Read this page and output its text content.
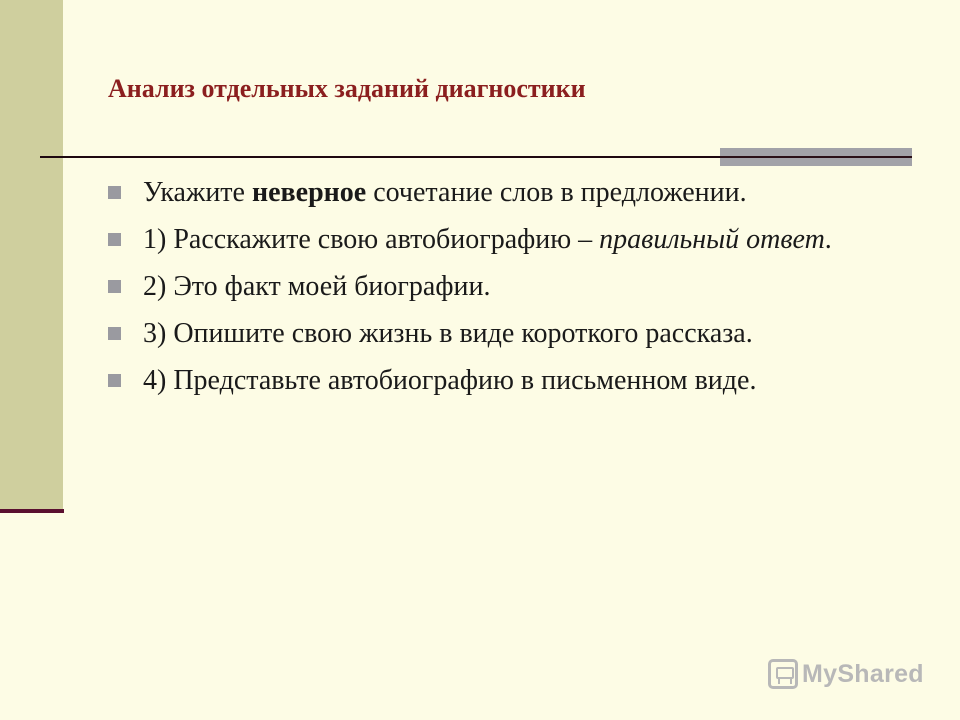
Анализ отдельных заданий диагностики
Укажите неверное сочетание слов в предложении.
1) Расскажите свою автобиографию – правильный ответ.
2) Это факт моей биографии.
3) Опишите свою жизнь в виде короткого рассказа.
4) Представьте автобиографию в письменном виде.
MyShared
